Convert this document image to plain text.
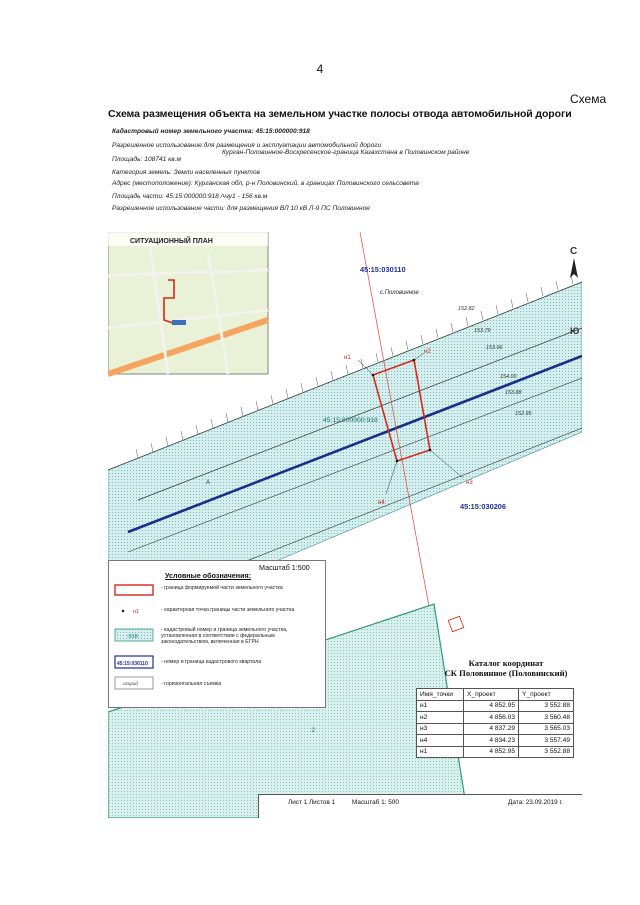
4
Схема
Схема размещения объекта на земельном участке полосы отвода автомобильной дороги
Кадастровый номер земельного участка: 45:15:000000:918
Разрешенное использование:для размещения и эксплуатации автомобильной дороги
Курган-Половинное-Воскресенское-граница Казахстана в Половинском районе
Площадь: 108741 кв.м
Категория земель: Земли населенных пунктов
Адрес (местоположение): Курганская обл, р-н Половинский, в границах Половинского сельсовета
Площадь части: 45:15:000000:918 /чзу1 - 156 кв.м
Разрешенное использование части: для размещения ВЛ 10 кВ Л-9 ПС Половинное
н1
н2
н3
н4
152.82
153.79
153.96
154.00
153.88
152.95
45:15:030110
с.Половинное
45:15:000000:918
45:15:030206
А
С
Ю
:2
СИТУАЦИОННЫЙ ПЛАН
Масштаб 1:500
Условные обозначения:
н1
:918
45:15:030110
огород
- граница формируемой части земельного участка
- характерная точка границы части земельного участка
- кадастровый номер и граница земельного участка, установленная в соответствии с федеральным законодательством, включенная в ЕГРН
- номер и граница кадастрового квартала
- горизонтальная съемка
Каталог координат
СК Половинное (Половинский)
Имя_точки	X_проект	Y_проект
н1	4 852.95	3 552.88
н2	4 856.03	3 560.48
н3	4 837.29	3 565.03
н4	4 834.23	3 557.49
н1	4 852.95	3 552.88
Лист 1 Листов 1	Масштаб 1: 500	Дата: 23.09.2019 г.
